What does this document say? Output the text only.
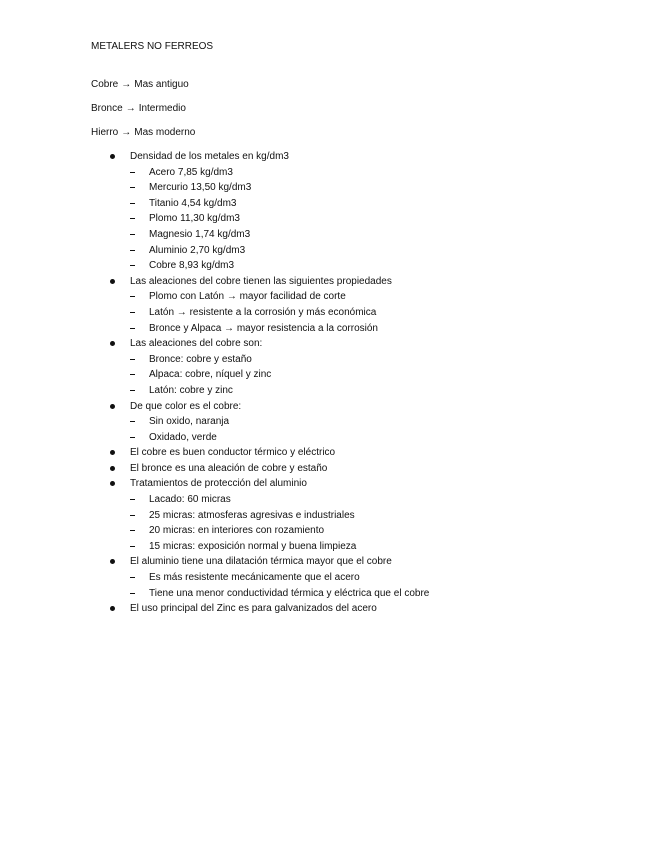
METALERS NO FERREOS
Cobre → Mas antiguo
Bronce → Intermedio
Hierro → Mas moderno
Densidad de los metales en kg/dm3
Acero 7,85 kg/dm3
Mercurio 13,50 kg/dm3
Titanio 4,54 kg/dm3
Plomo 11,30 kg/dm3
Magnesio 1,74 kg/dm3
Aluminio 2,70 kg/dm3
Cobre 8,93 kg/dm3
Las aleaciones del cobre tienen las siguientes propiedades
Plomo con Latón → mayor facilidad de corte
Latón → resistente a la corrosión y más económica
Bronce y Alpaca → mayor resistencia a la corrosión
Las aleaciones del cobre son:
Bronce: cobre y estaño
Alpaca: cobre, níquel y zinc
Latón: cobre y zinc
De que color es el cobre:
Sin oxido, naranja
Oxidado, verde
El cobre es buen conductor térmico y eléctrico
El bronce es una aleación de cobre y estaño
Tratamientos de protección del aluminio
Lacado: 60 micras
25 micras: atmosferas agresivas e industriales
20 micras: en interiores con rozamiento
15 micras: exposición normal y buena limpieza
El aluminio tiene una dilatación térmica mayor que el cobre
Es más resistente mecánicamente que el acero
Tiene una menor conductividad térmica y eléctrica que el cobre
El uso principal del Zinc es para galvanizados del acero
